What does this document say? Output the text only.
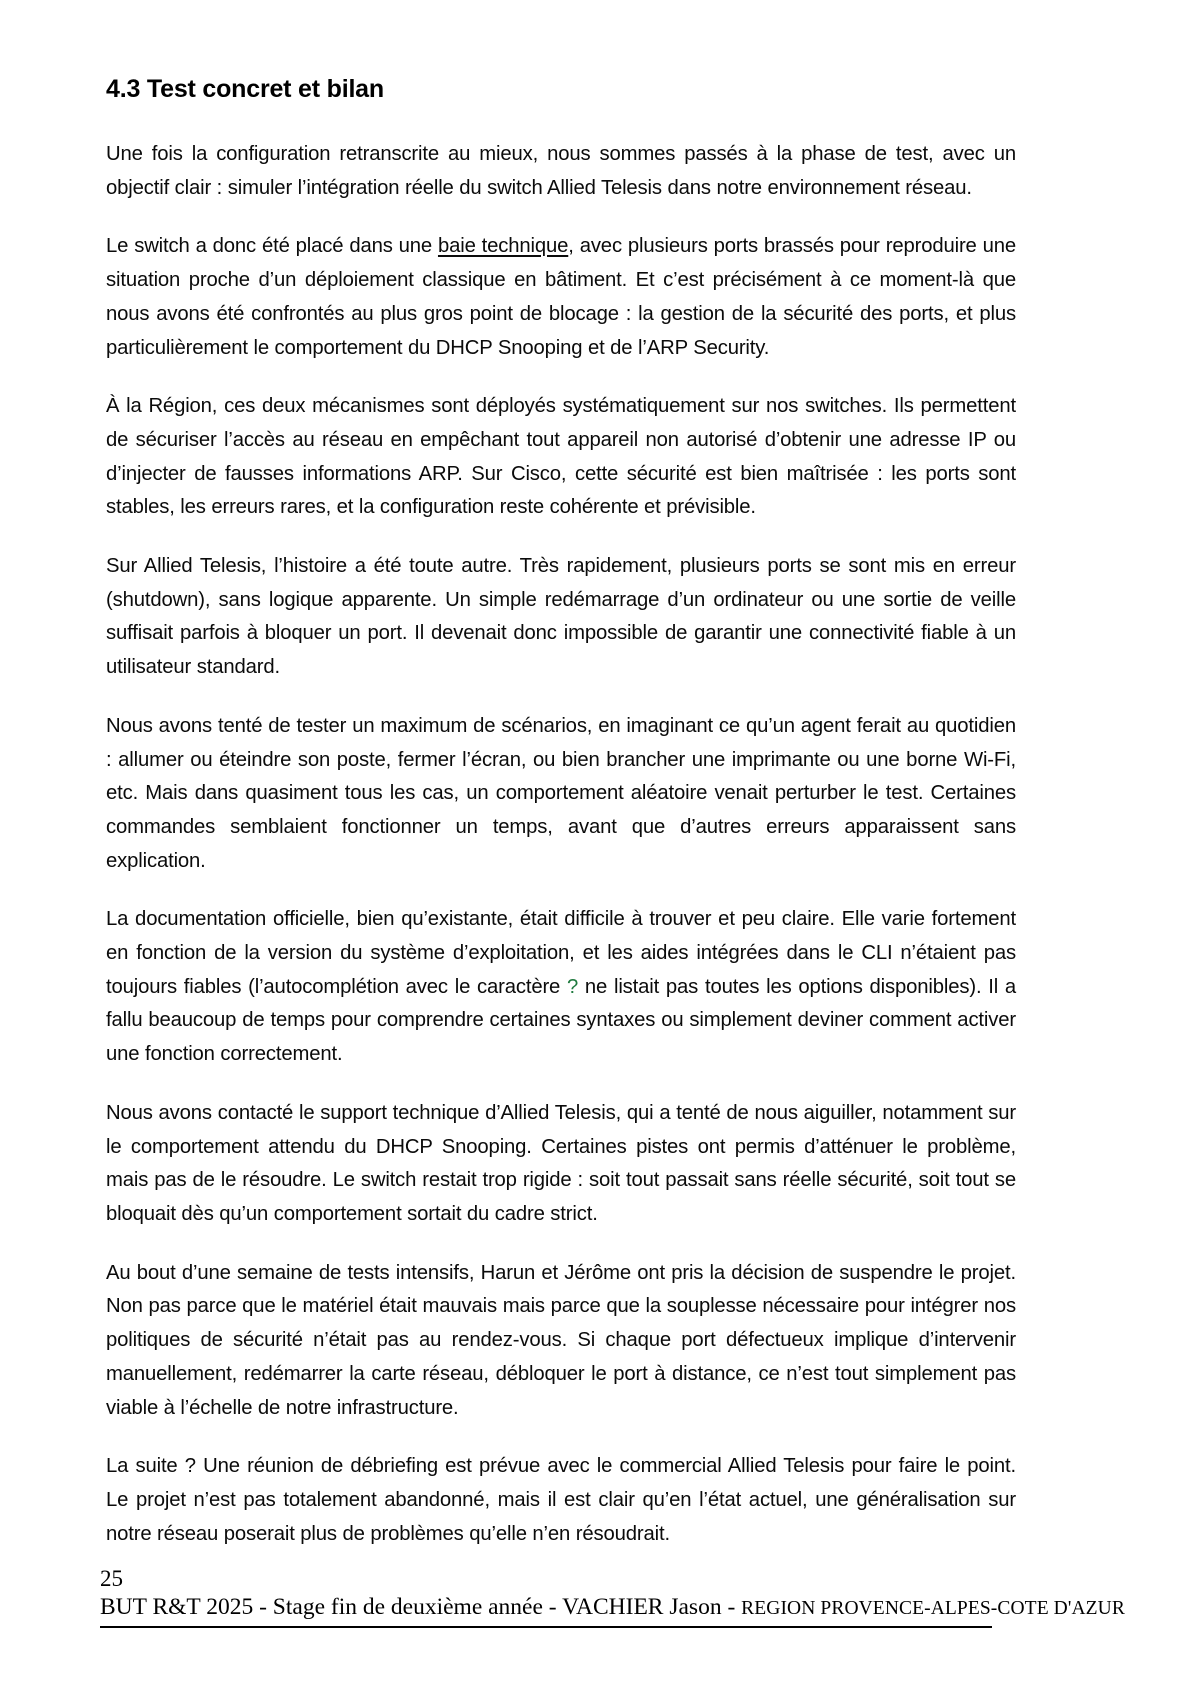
4.3 Test concret et bilan

Une fois la configuration retranscrite au mieux, nous sommes passés à la phase de test, avec un objectif clair : simuler l’intégration réelle du switch Allied Telesis dans notre environnement réseau.

Le switch a donc été placé dans une baie technique, avec plusieurs ports brassés pour reproduire une situation proche d’un déploiement classique en bâtiment. Et c’est précisément à ce moment-là que nous avons été confrontés au plus gros point de blocage : la gestion de la sécurité des ports, et plus particulièrement le comportement du DHCP Snooping et de l’ARP Security.

À la Région, ces deux mécanismes sont déployés systématiquement sur nos switches. Ils permettent de sécuriser l’accès au réseau en empêchant tout appareil non autorisé d’obtenir une adresse IP ou d’injecter de fausses informations ARP. Sur Cisco, cette sécurité est bien maîtrisée : les ports sont stables, les erreurs rares, et la configuration reste cohérente et prévisible.

Sur Allied Telesis, l’histoire a été toute autre. Très rapidement, plusieurs ports se sont mis en erreur (shutdown), sans logique apparente. Un simple redémarrage d’un ordinateur ou une sortie de veille suffisait parfois à bloquer un port. Il devenait donc impossible de garantir une connectivité fiable à un utilisateur standard.

Nous avons tenté de tester un maximum de scénarios, en imaginant ce qu’un agent ferait au quotidien : allumer ou éteindre son poste, fermer l’écran, ou bien brancher une imprimante ou une borne Wi-Fi, etc. Mais dans quasiment tous les cas, un comportement aléatoire venait perturber le test. Certaines commandes semblaient fonctionner un temps, avant que d’autres erreurs apparaissent sans explication.

La documentation officielle, bien qu’existante, était difficile à trouver et peu claire. Elle varie fortement en fonction de la version du système d’exploitation, et les aides intégrées dans le CLI n’étaient pas toujours fiables (l’autocomplétion avec le caractère ? ne listait pas toutes les options disponibles). Il a fallu beaucoup de temps pour comprendre certaines syntaxes ou simplement deviner comment activer une fonction correctement.

Nous avons contacté le support technique d’Allied Telesis, qui a tenté de nous aiguiller, notamment sur le comportement attendu du DHCP Snooping. Certaines pistes ont permis d’atténuer le problème, mais pas de le résoudre. Le switch restait trop rigide : soit tout passait sans réelle sécurité, soit tout se bloquait dès qu’un comportement sortait du cadre strict.

Au bout d’une semaine de tests intensifs, Harun et Jérôme ont pris la décision de suspendre le projet. Non pas parce que le matériel était mauvais mais parce que la souplesse nécessaire pour intégrer nos politiques de sécurité n’était pas au rendez-vous. Si chaque port défectueux implique d’intervenir manuellement, redémarrer la carte réseau, débloquer le port à distance, ce n’est tout simplement pas viable à l’échelle de notre infrastructure.

La suite ? Une réunion de débriefing est prévue avec le commercial Allied Telesis pour faire le point. Le projet n’est pas totalement abandonné, mais il est clair qu’en l’état actuel, une généralisation sur notre réseau poserait plus de problèmes qu’elle n’en résoudrait.

25
BUT R&T 2025 - Stage fin de deuxième année - VACHIER Jason - REGION PROVENCE-ALPES-COTE D'AZUR
